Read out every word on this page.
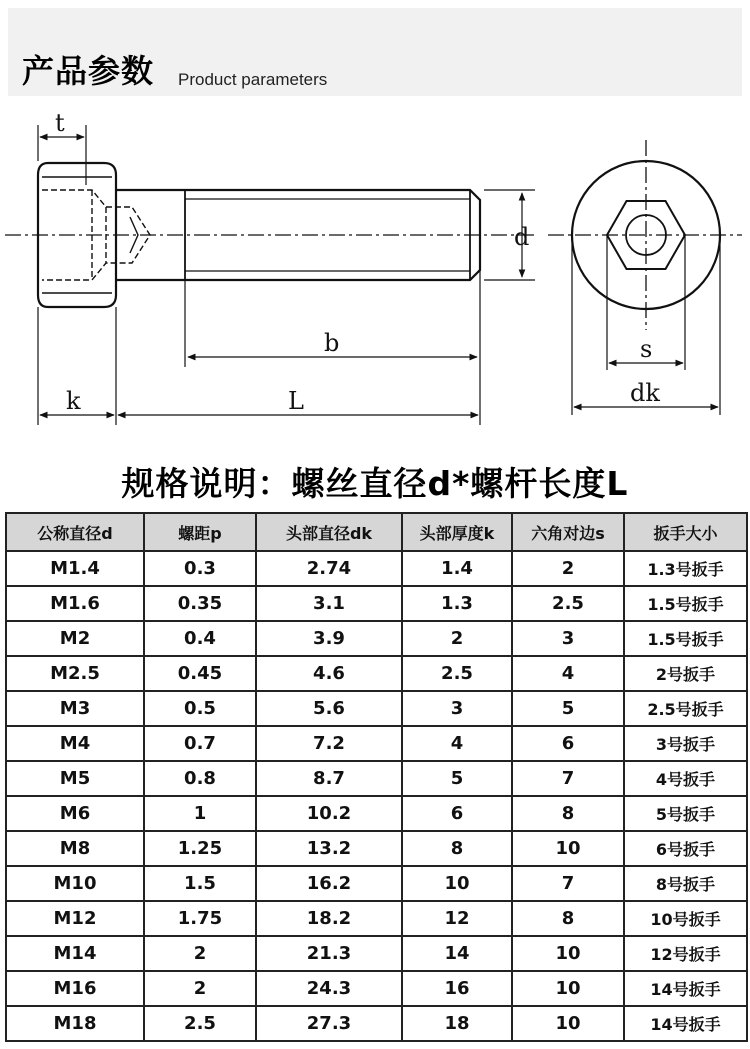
产品参数 Product parameters
t
d
b
k	L
s
dk
规格说明：螺丝直径d*螺杆长度L
公称直径d	螺距p	头部直径dk	头部厚度k	六角对边s	扳手大小
M1.4	0.3	2.74	1.4	2	1.3号扳手
M1.6	0.35	3.1	1.3	2.5	1.5号扳手
M2	0.4	3.9	2	3	1.5号扳手
M2.5	0.45	4.6	2.5	4	2号扳手
M3	0.5	5.6	3	5	2.5号扳手
M4	0.7	7.2	4	6	3号扳手
M5	0.8	8.7	5	7	4号扳手
M6	1	10.2	6	8	5号扳手
M8	1.25	13.2	8	10	6号扳手
M10	1.5	16.2	10	7	8号扳手
M12	1.75	18.2	12	8	10号扳手
M14	2	21.3	14	10	12号扳手
M16	2	24.3	16	10	14号扳手
M18	2.5	27.3	18	10	14号扳手
